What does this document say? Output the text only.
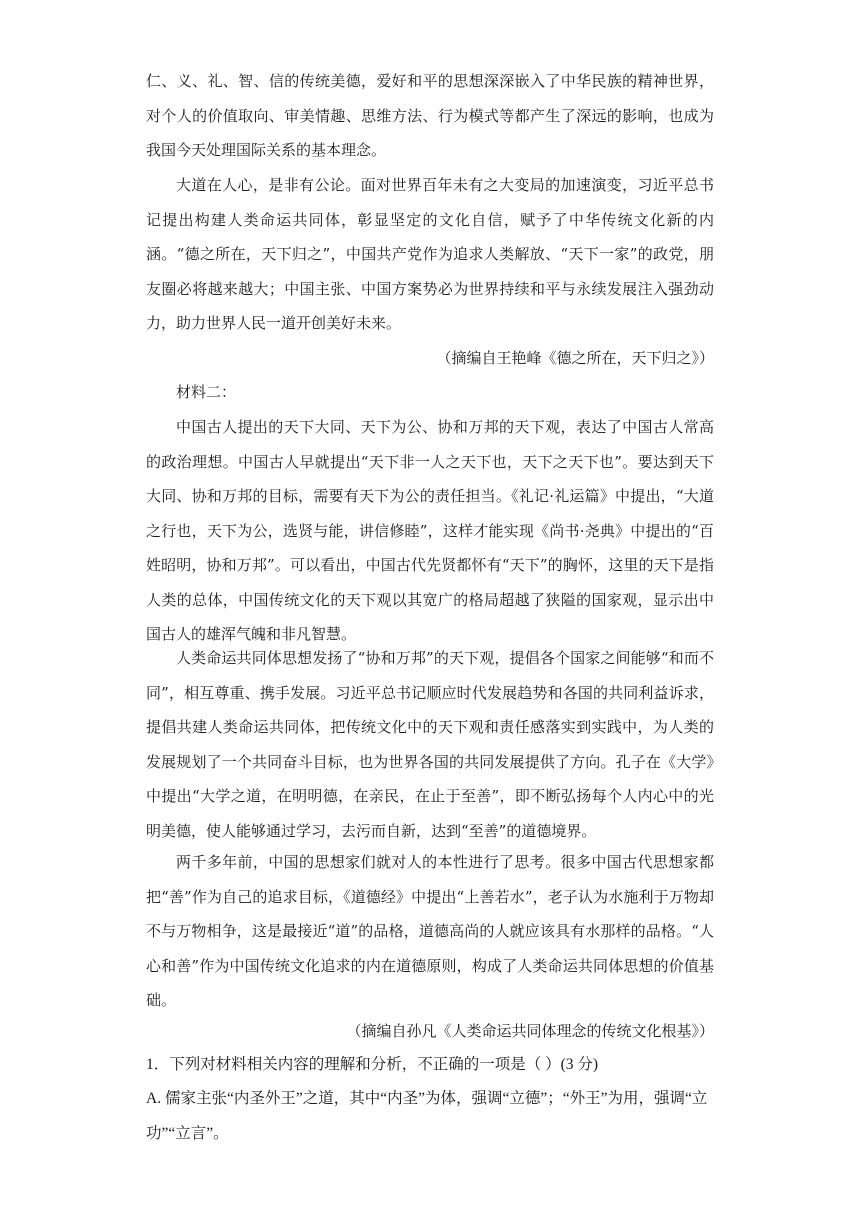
仁、义、礼、智、信的传统美德，爱好和平的思想深深嵌入了中华民族的精神世界，对个人的价值取向、审美情趣、思维方法、行为模式等都产生了深远的影响，也成为我国今天处理国际关系的基本理念。

大道在人心，是非有公论。面对世界百年未有之大变局的加速演变，习近平总书记提出构建人类命运共同体，彰显坚定的文化自信，赋予了中华传统文化新的内涵。“德之所在，天下归之”，中国共产党作为追求人类解放、“天下一家”的政党，朋友圈必将越来越大；中国主张、中国方案势必为世界持续和平与永续发展注入强劲动力，助力世界人民一道开创美好未来。

（摘编自王艳峰《德之所在，天下归之》）

材料二：

中国古人提出的天下大同、天下为公、协和万邦的天下观，表达了中国古人常高的政治理想。中国古人早就提出“天下非一人之天下也，天下之天下也”。要达到天下大同、协和万邦的目标，需要有天下为公的责任担当。《礼记·礼运篇》中提出，“大道之行也，天下为公，选贤与能，讲信修睦”，这样才能实现《尚书·尧典》中提出的“百姓昭明，协和万邦”。可以看出，中国古代先贤都怀有“天下”的胸怀，这里的天下是指人类的总体，中国传统文化的天下观以其宽广的格局超越了狭隘的国家观，显示出中国古人的雄浑气魄和非凡智慧。

人类命运共同体思想发扬了“协和万邦”的天下观，提倡各个国家之间能够“和而不同”，相互尊重、携手发展。习近平总书记顺应时代发展趋势和各国的共同利益诉求，提倡共建人类命运共同体，把传统文化中的天下观和责任感落实到实践中，为人类的发展规划了一个共同奋斗目标，也为世界各国的共同发展提供了方向。孔子在《大学》中提出“大学之道，在明明德，在亲民，在止于至善”，即不断弘扬每个人内心中的光明美德，使人能够通过学习，去污而自新，达到“至善”的道德境界。

两千多年前，中国的思想家们就对人的本性进行了思考。很多中国古代思想家都把“善”作为自己的追求目标，《道德经》中提出“上善若水”，老子认为水施利于万物却不与万物相争，这是最接近“道”的品格，道德高尚的人就应该具有水那样的品格。“人心和善”作为中国传统文化追求的内在道德原则，构成了人类命运共同体思想的价值基础。

（摘编自孙凡《人类命运共同体理念的传统文化根基》）

1．下列对材料相关内容的理解和分析，不正确的一项是（ ）(3 分)

A. 儒家主张“内圣外王”之道，其中“内圣”为体，强调“立德”；“外王”为用，强调“立功”“立言”。
